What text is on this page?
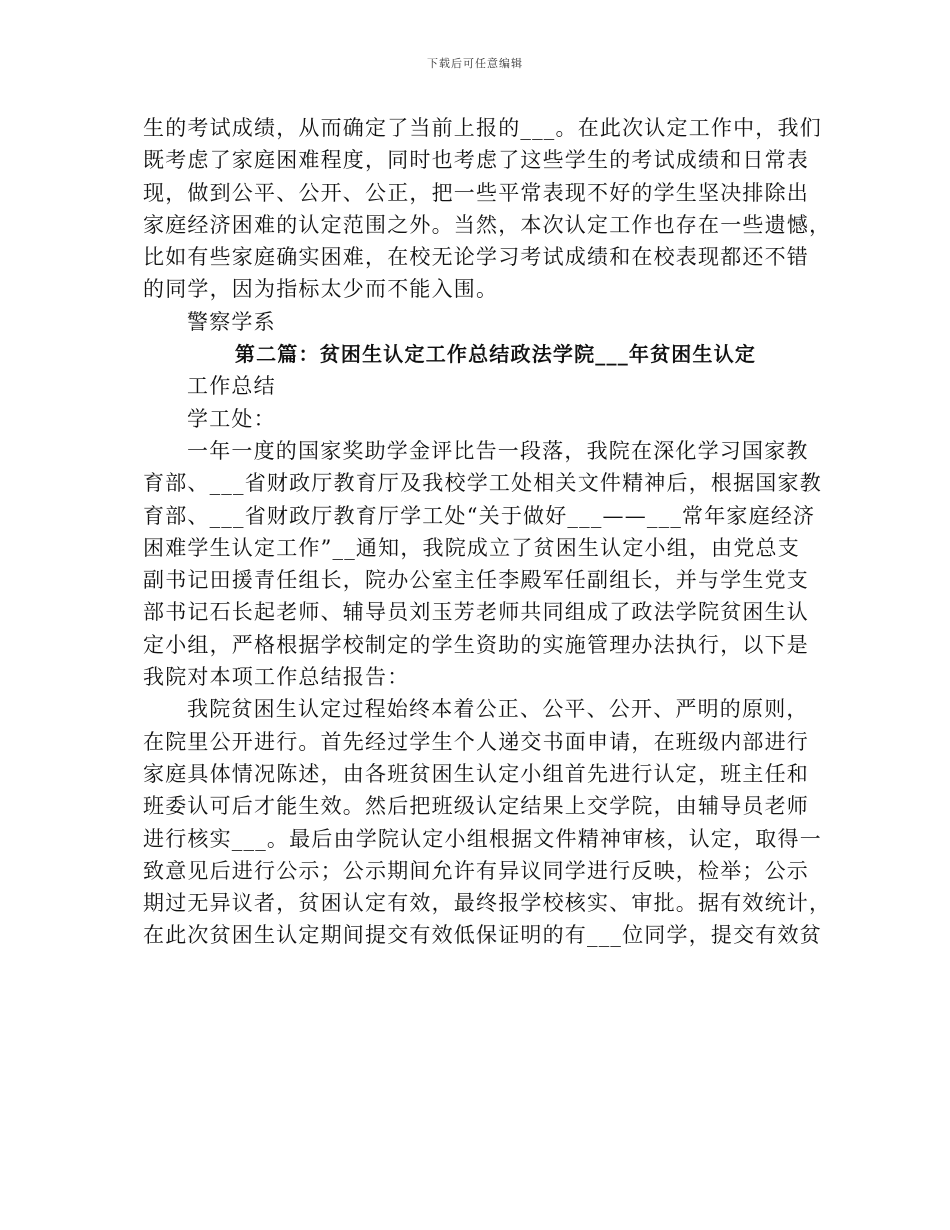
下载后可任意编辑
生的考试成绩，从而确定了当前上报的___。在此次认定工作中，我们
既考虑了家庭困难程度，同时也考虑了这些学生的考试成绩和日常表
现，做到公平、公开、公正，把一些平常表现不好的学生坚决排除出
家庭经济困难的认定范围之外。当然，本次认定工作也存在一些遗憾，
比如有些家庭确实困难，在校无论学习考试成绩和在校表现都还不错
的同学，因为指标太少而不能入围。
警察学系
第二篇：贫困生认定工作总结政法学院___年贫困生认定
工作总结
学工处：
一年一度的国家奖助学金评比告一段落，我院在深化学习国家教
育部、___省财政厅教育厅及我校学工处相关文件精神后，根据国家教
育部、___省财政厅教育厅学工处“关于做好___——___常年家庭经济
困难学生认定工作”__通知，我院成立了贫困生认定小组，由党总支
副书记田援青任组长，院办公室主任李殿军任副组长，并与学生党支
部书记石长起老师、辅导员刘玉芳老师共同组成了政法学院贫困生认
定小组，严格根据学校制定的学生资助的实施管理办法执行，以下是
我院对本项工作总结报告：
我院贫困生认定过程始终本着公正、公平、公开、严明的原则，
在院里公开进行。首先经过学生个人递交书面申请，在班级内部进行
家庭具体情况陈述，由各班贫困生认定小组首先进行认定，班主任和
班委认可后才能生效。然后把班级认定结果上交学院，由辅导员老师
进行核实___。最后由学院认定小组根据文件精神审核，认定，取得一
致意见后进行公示；公示期间允许有异议同学进行反映，检举；公示
期过无异议者，贫困认定有效，最终报学校核实、审批。据有效统计，
在此次贫困生认定期间提交有效低保证明的有___位同学，提交有效贫
